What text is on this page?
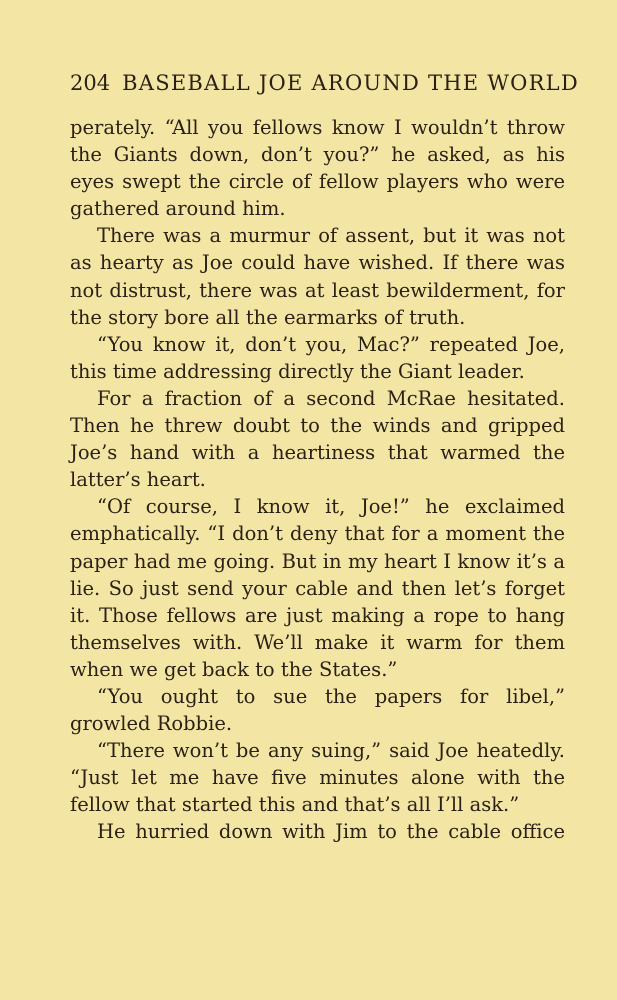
204 BASEBALL JOE AROUND THE WORLD

perately. “All you fellows know I wouldn’t throw the Giants down, don’t you?” he asked, as his eyes swept the circle of fellow players who were gathered around him.

There was a murmur of assent, but it was not as hearty as Joe could have wished. If there was not distrust, there was at least bewilderment, for the story bore all the earmarks of truth.

“You know it, don’t you, Mac?” repeated Joe, this time addressing directly the Giant leader.

For a fraction of a second McRae hesitated. Then he threw doubt to the winds and gripped Joe’s hand with a heartiness that warmed the latter’s heart.

“Of course, I know it, Joe!” he exclaimed emphatically. “I don’t deny that for a moment the paper had me going. But in my heart I know it’s a lie. So just send your cable and then let’s forget it. Those fellows are just making a rope to hang themselves with. We’ll make it warm for them when we get back to the States.”

“You ought to sue the papers for libel,” growled Robbie.

“There won’t be any suing,” said Joe heatedly. “Just let me have five minutes alone with the fellow that started this and that’s all I’ll ask.”

He hurried down with Jim to the cable office
